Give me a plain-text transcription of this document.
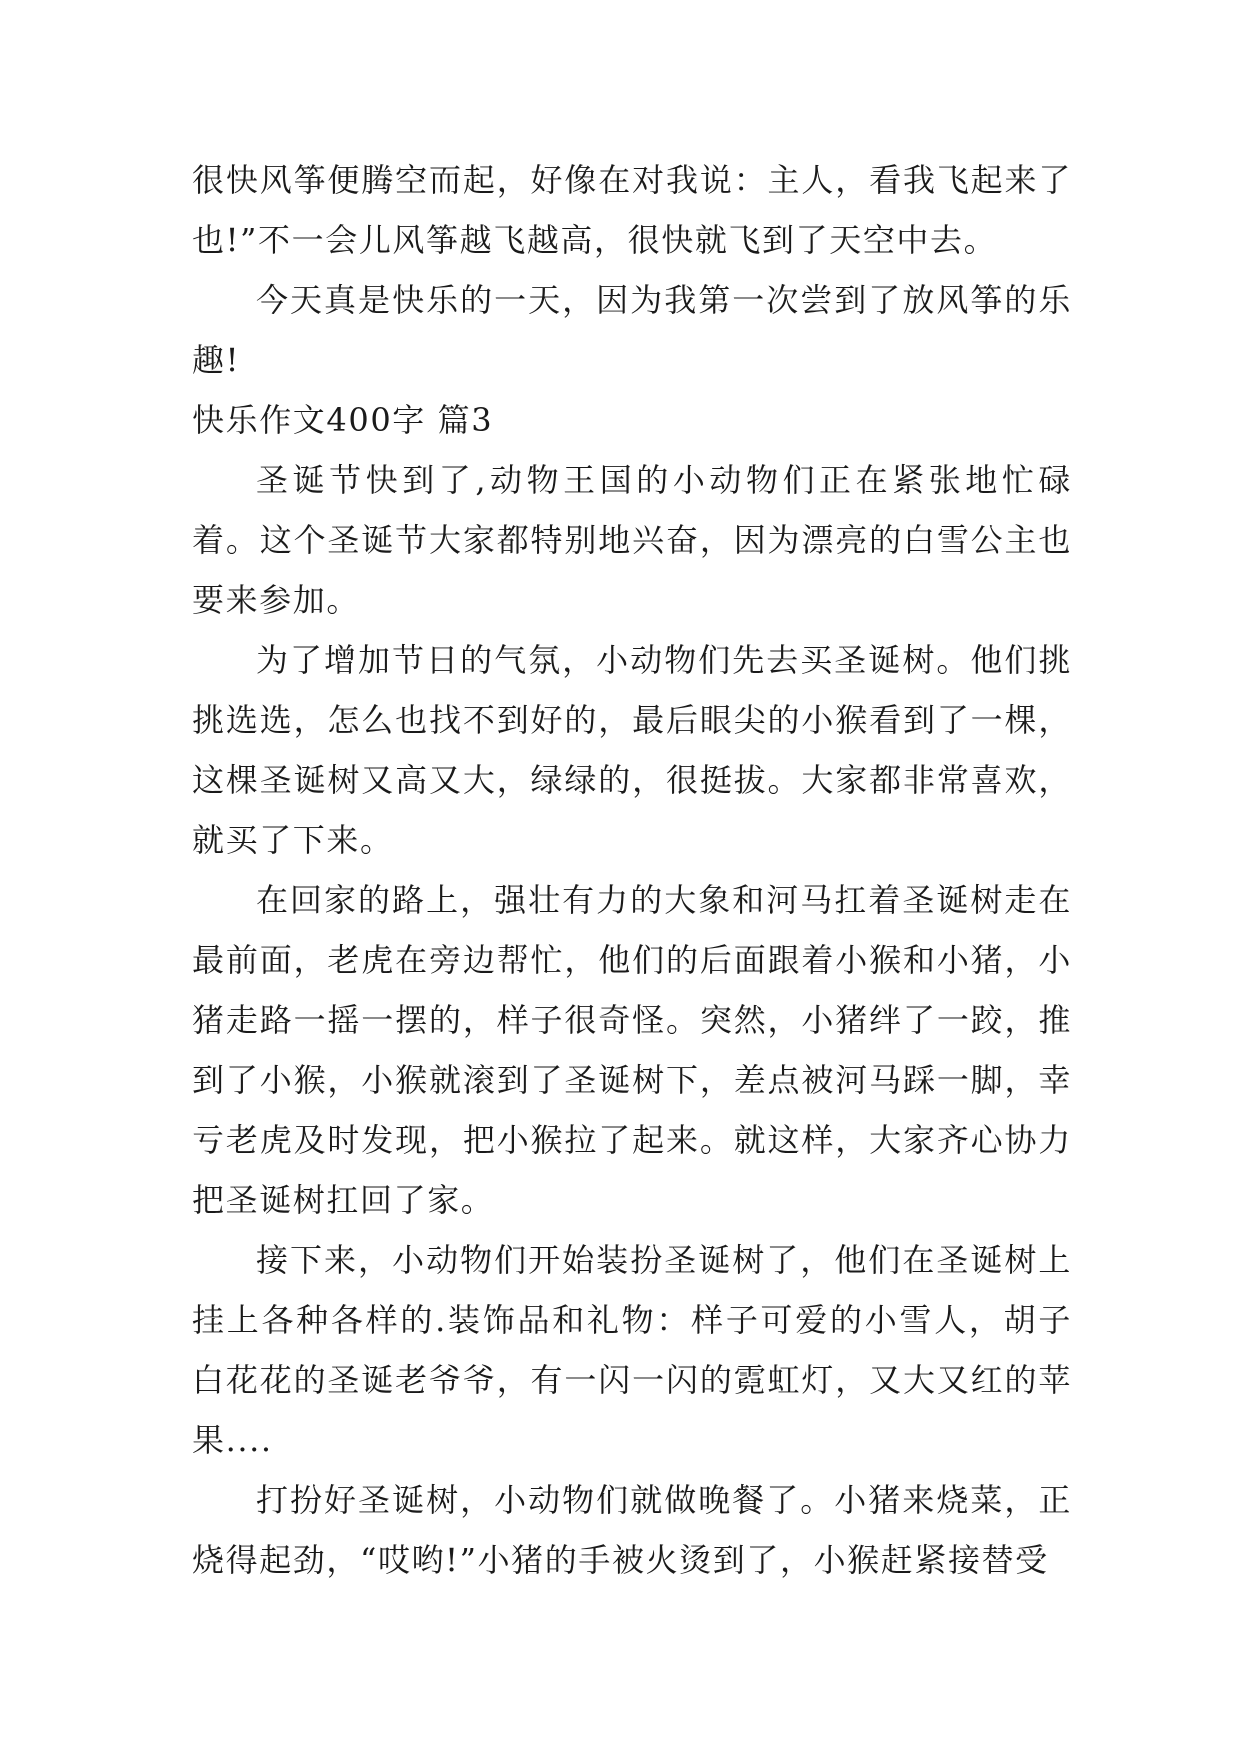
很快风筝便腾空而起，好像在对我说：主人，看我飞起来了也!”不一会儿风筝越飞越高，很快就飞到了天空中去。

今天真是快乐的一天，因为我第一次尝到了放风筝的乐趣!

快乐作文400字 篇3

圣诞节快到了,动物王国的小动物们正在紧张地忙碌着。这个圣诞节大家都特别地兴奋，因为漂亮的白雪公主也要来参加。

为了增加节日的气氛，小动物们先去买圣诞树。他们挑挑选选，怎么也找不到好的，最后眼尖的小猴看到了一棵，这棵圣诞树又高又大，绿绿的，很挺拔。大家都非常喜欢，就买了下来。

在回家的路上，强壮有力的大象和河马扛着圣诞树走在最前面，老虎在旁边帮忙，他们的后面跟着小猴和小猪，小猪走路一摇一摆的，样子很奇怪。突然，小猪绊了一跤，推到了小猴，小猴就滚到了圣诞树下，差点被河马踩一脚，幸亏老虎及时发现，把小猴拉了起来。就这样，大家齐心协力把圣诞树扛回了家。

接下来，小动物们开始装扮圣诞树了，他们在圣诞树上挂上各种各样的.装饰品和礼物：样子可爱的小雪人，胡子白花花的圣诞老爷爷，有一闪一闪的霓虹灯，又大又红的苹果....

打扮好圣诞树，小动物们就做晚餐了。小猪来烧菜，正烧得起劲，“哎哟!”小猪的手被火烫到了，小猴赶紧接替受
